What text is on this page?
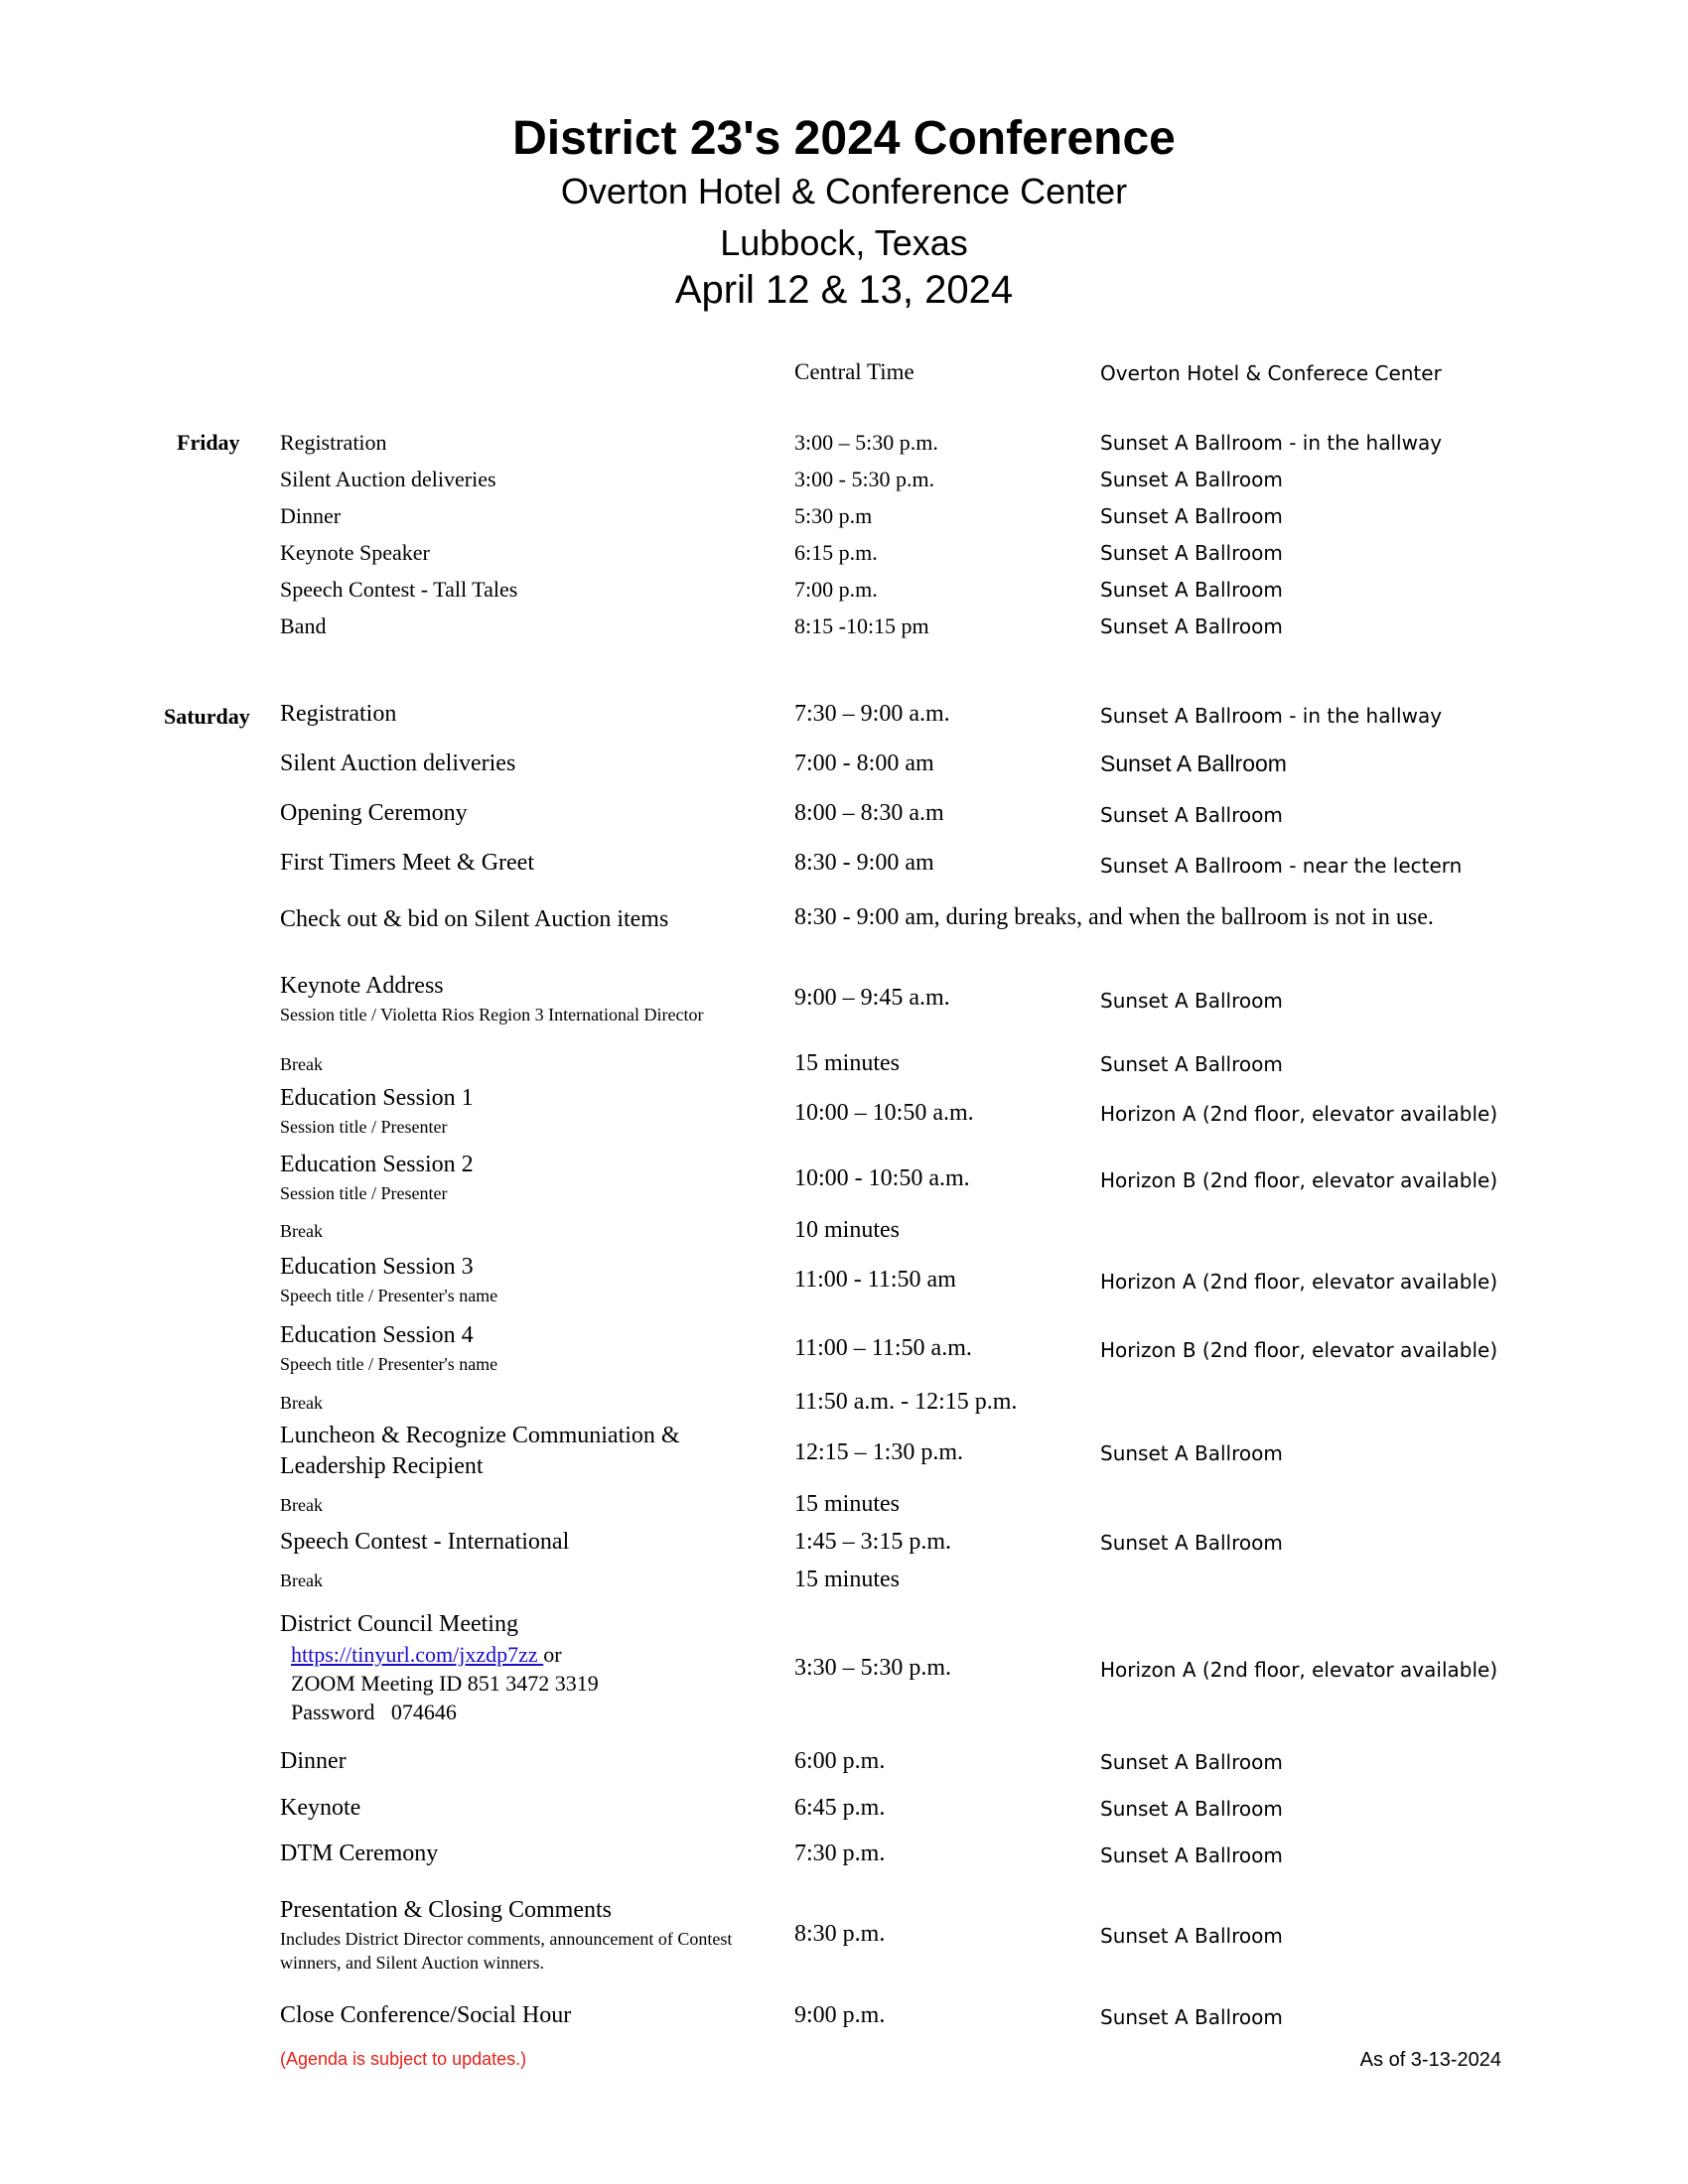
District 23's 2024 Conference
Overton Hotel & Conference Center
Lubbock, Texas
April 12 & 13, 2024
Central Time	Overton Hotel & Conferece Center
Friday Registration	3:00 – 5:30 p.m.	Sunset A Ballroom - in the hallway
Silent Auction deliveries	3:00 - 5:30 p.m.	Sunset A Ballroom
Dinner	5:30 p.m	Sunset A Ballroom
Keynote Speaker	6:15 p.m.	Sunset A Ballroom
Speech Contest - Tall Tales	7:00 p.m.	Sunset A Ballroom
Band	8:15 -10:15 pm	Sunset A Ballroom
Saturday Registration	7:30 – 9:00 a.m.	Sunset A Ballroom - in the hallway
Silent Auction deliveries	7:00 - 8:00 am	Sunset A Ballroom
Opening Ceremony	8:00 – 8:30 a.m	Sunset A Ballroom
First Timers Meet & Greet	8:30 - 9:00 am	Sunset A Ballroom - near the lectern
Check out & bid on Silent Auction items	8:30 - 9:00 am, during breaks, and when the ballroom is not in use.
Keynote Address
Session title / Violetta Rios Region 3 International Director
9:00 – 9:45 a.m.	Sunset A Ballroom
Break	15 minutes	Sunset A Ballroom
Education Session 1
Session title / Presenter
10:00 – 10:50 a.m.	Horizon A (2nd floor, elevator available)
Education Session 2
Session title / Presenter
10:00 - 10:50 a.m.	Horizon B (2nd floor, elevator available)
Break	10 minutes
Education Session 3
Speech title / Presenter's name
11:00 - 11:50 am	Horizon A (2nd floor, elevator available)
Education Session 4
Speech title / Presenter's name
11:00 – 11:50 a.m.	Horizon B (2nd floor, elevator available)
Break	11:50 a.m. - 12:15 p.m.
Luncheon & Recognize Communiation &
Leadership Recipient
12:15 – 1:30 p.m.	Sunset A Ballroom
Break	15 minutes
Speech Contest - International	1:45 – 3:15 p.m.	Sunset A Ballroom
Break	15 minutes
District Council Meeting
https://tinyurl.com/jxzdp7zz or
ZOOM Meeting ID 851 3472 3319
Password   074646
3:30 – 5:30 p.m.	Horizon A (2nd floor, elevator available)
Dinner	6:00 p.m.	Sunset A Ballroom
Keynote	6:45 p.m.	Sunset A Ballroom
DTM Ceremony	7:30 p.m.	Sunset A Ballroom
Presentation & Closing Comments
Includes District Director comments, announcement of Contest
winners, and Silent Auction winners.
8:30 p.m.	Sunset A Ballroom
Close Conference/Social Hour	9:00 p.m.	Sunset A Ballroom
(Agenda is subject to updates.)	As of 3-13-2024
